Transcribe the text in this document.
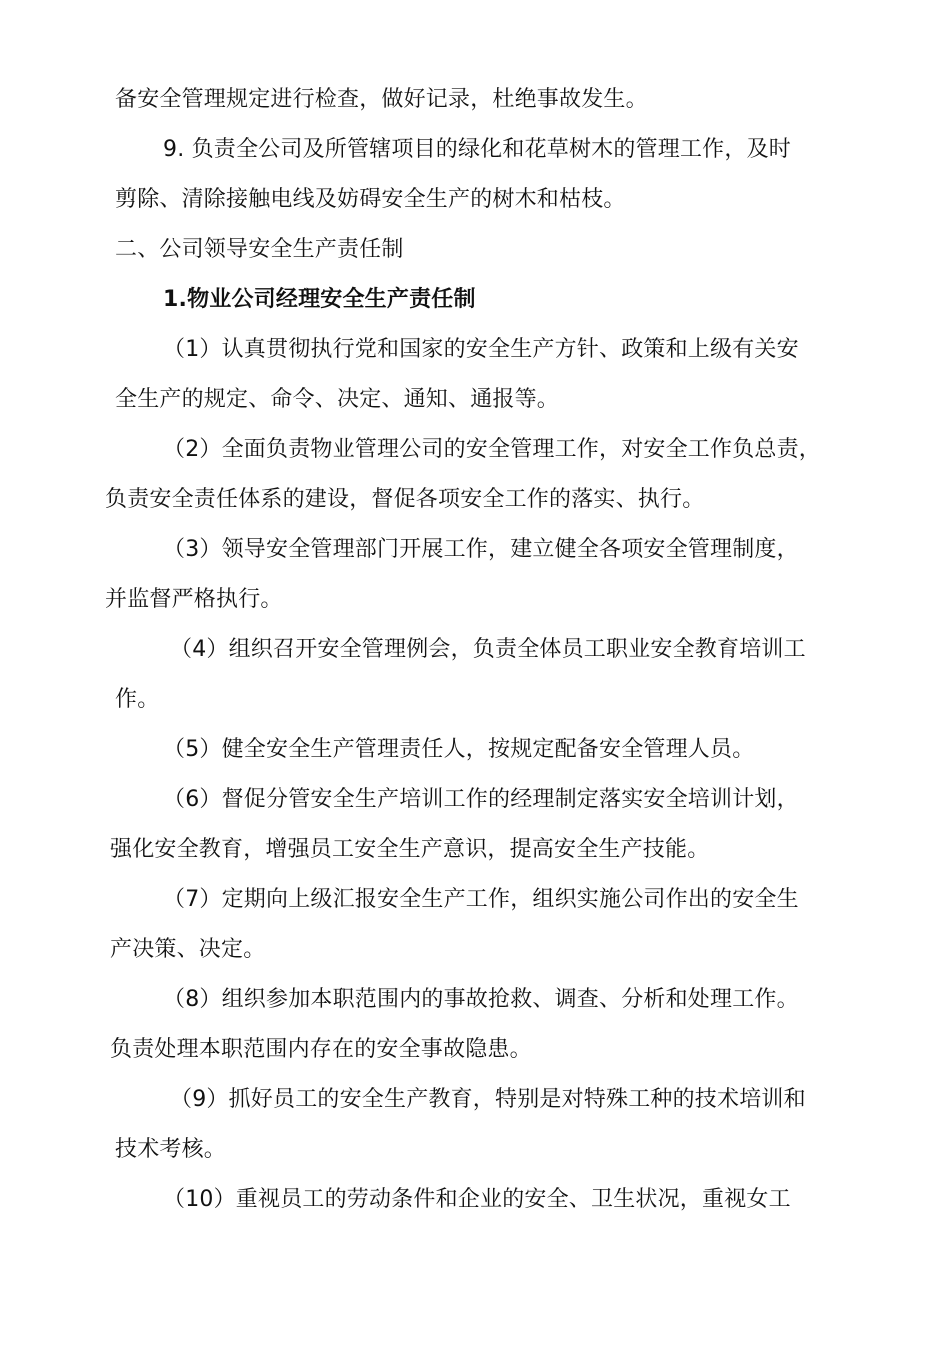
备安全管理规定进行检查，做好记录，杜绝事故发生。

9. 负责全公司及所管辖项目的绿化和花草树木的管理工作，及时

剪除、清除接触电线及妨碍安全生产的树木和枯枝。

二、公司领导安全生产责任制

1.物业公司经理安全生产责任制

（1）认真贯彻执行党和国家的安全生产方针、政策和上级有关安

全生产的规定、命令、决定、通知、通报等。

（2）全面负责物业管理公司的安全管理工作，对安全工作负总责，

负责安全责任体系的建设，督促各项安全工作的落实、执行。

（3）领导安全管理部门开展工作，建立健全各项安全管理制度，

并监督严格执行。

（4）组织召开安全管理例会，负责全体员工职业安全教育培训工

作。

（5）健全安全生产管理责任人，按规定配备安全管理人员。

（6）督促分管安全生产培训工作的经理制定落实安全培训计划，

强化安全教育，增强员工安全生产意识，提高安全生产技能。

（7）定期向上级汇报安全生产工作，组织实施公司作出的安全生

产决策、决定。

（8）组织参加本职范围内的事故抢救、调查、分析和处理工作。

负责处理本职范围内存在的安全事故隐患。

（9）抓好员工的安全生产教育，特别是对特殊工种的技术培训和

技术考核。

（10）重视员工的劳动条件和企业的安全、卫生状况，重视女工
